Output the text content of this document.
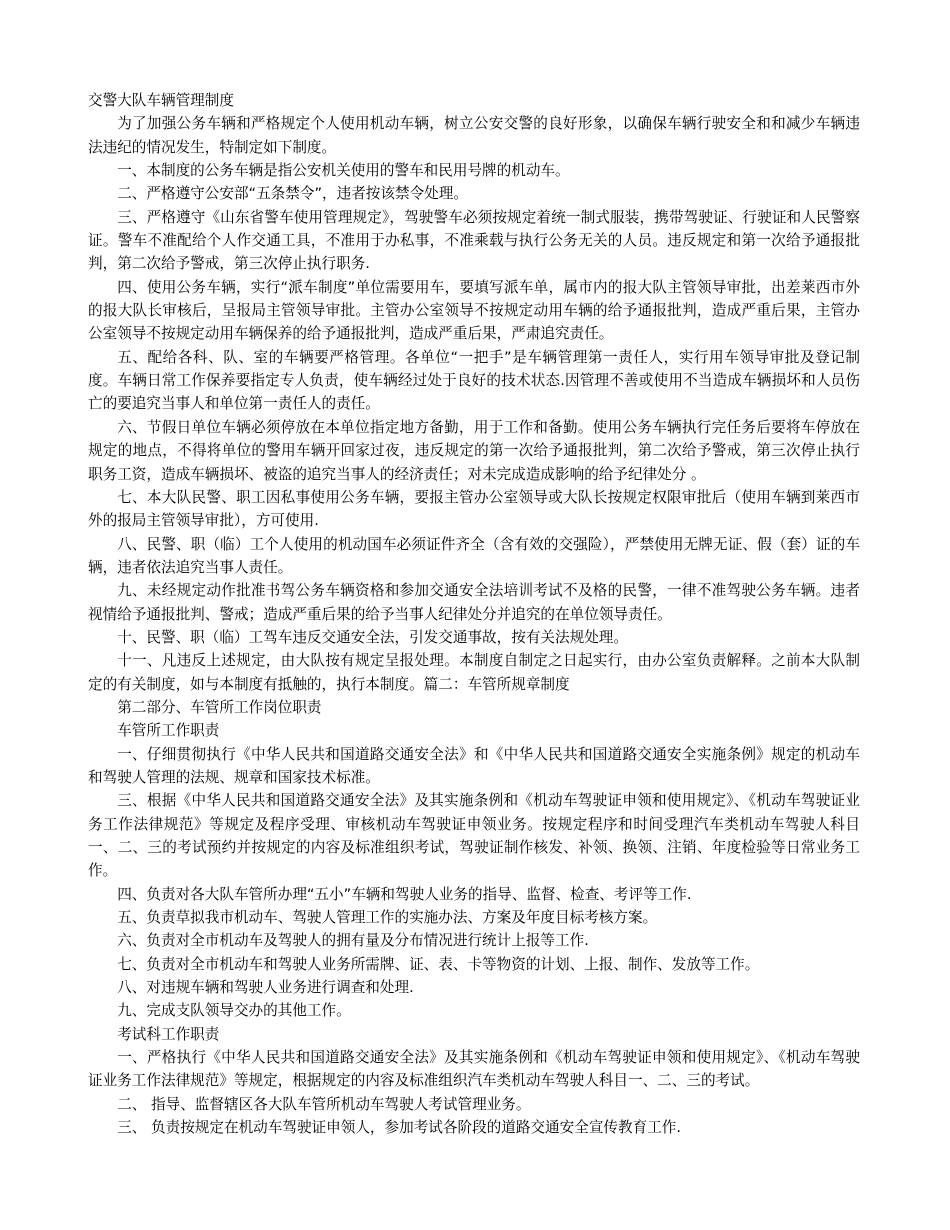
交警大队车辆管理制度

为了加强公务车辆和严格规定个人使用机动车辆，树立公安交警的良好形象，以确保车辆行驶安全和和减少车辆违法违纪的情况发生，特制定如下制度。

一、本制度的公务车辆是指公安机关使用的警车和民用号牌的机动车。

二、严格遵守公安部“五条禁令”，违者按该禁令处理。

三、严格遵守《山东省警车使用管理规定》，驾驶警车必须按规定着统一制式服装，携带驾驶证、行驶证和人民警察证。警车不准配给个人作交通工具，不准用于办私事，不准乘载与执行公务无关的人员。违反规定和第一次给予通报批判，第二次给予警戒，第三次停止执行职务.

四、使用公务车辆，实行“派车制度”单位需要用车，要填写派车单，属市内的报大队主管领导审批，出差莱西市外的报大队长审核后，呈报局主管领导审批。主管办公室领导不按规定动用车辆的给予通报批判，造成严重后果，主管办公室领导不按规定动用车辆保养的给予通报批判，造成严重后果，严肃追究责任。

五、配给各科、队、室的车辆要严格管理。各单位“一把手”是车辆管理第一责任人，实行用车领导审批及登记制度。车辆日常工作保养要指定专人负责，使车辆经过处于良好的技术状态.因管理不善或使用不当造成车辆损坏和人员伤亡的要追究当事人和单位第一责任人的责任。

六、节假日单位车辆必须停放在本单位指定地方备勤，用于工作和备勤。使用公务车辆执行完任务后要将车停放在规定的地点，不得将单位的警用车辆开回家过夜，违反规定的第一次给予通报批判，第二次给予警戒，第三次停止执行职务工资，造成车辆损坏、被盗的追究当事人的经济责任；对未完成造成影响的给予纪律处分 。

七、本大队民警、职工因私事使用公务车辆，要报主管办公室领导或大队长按规定权限审批后（使用车辆到莱西市外的报局主管领导审批），方可使用.

八、民警、职（临）工个人使用的机动国车必须证件齐全（含有效的交强险），严禁使用无牌无证、假（套）证的车辆，违者依法追究当事人责任。

九、未经规定动作批准书驾公务车辆资格和参加交通安全法培训考试不及格的民警，一律不准驾驶公务车辆。违者视情给予通报批判、警戒；造成严重后果的给予当事人纪律处分并追究的在单位领导责任。

十、民警、职（临）工驾车违反交通安全法，引发交通事故，按有关法规处理。

十一、凡违反上述规定，由大队按有规定呈报处理。本制度自制定之日起实行，由办公室负责解释。之前本大队制定的有关制度，如与本制度有抵触的，执行本制度。篇二：车管所规章制度

第二部分、车管所工作岗位职责

车管所工作职责

一、仔细贯彻执行《中华人民共和国道路交通安全法》和《中华人民共和国道路交通安全实施条例》规定的机动车和驾驶人管理的法规、规章和国家技术标准。

三、根据《中华人民共和国道路交通安全法》及其实施条例和《机动车驾驶证申领和使用规定》、《机动车驾驶证业务工作法律规范》等规定及程序受理、审核机动车驾驶证申领业务。按规定程序和时间受理汽车类机动车驾驶人科目一、二、三的考试预约并按规定的内容及标准组织考试，驾驶证制作核发、补领、换领、注销、年度检验等日常业务工作。

四、负责对各大队车管所办理“五小”车辆和驾驶人业务的指导、监督、检查、考评等工作.

五、负责草拟我市机动车、驾驶人管理工作的实施办法、方案及年度目标考核方案。

六、负责对全市机动车及驾驶人的拥有量及分布情况进行统计上报等工作.

七、负责对全市机动车和驾驶人业务所需牌、证、表、卡等物资的计划、上报、制作、发放等工作。

八、对违规车辆和驾驶人业务进行调查和处理.

九、完成支队领导交办的其他工作。

考试科工作职责

一、严格执行《中华人民共和国道路交通安全法》及其实施条例和《机动车驾驶证申领和使用规定》、《机动车驾驶证业务工作法律规范》等规定，根据规定的内容及标准组织汽车类机动车驾驶人科目一、二、三的考试。

二、 指导、监督辖区各大队车管所机动车驾驶人考试管理业务。

三、 负责按规定在机动车驾驶证申领人，参加考试各阶段的道路交通安全宣传教育工作.
